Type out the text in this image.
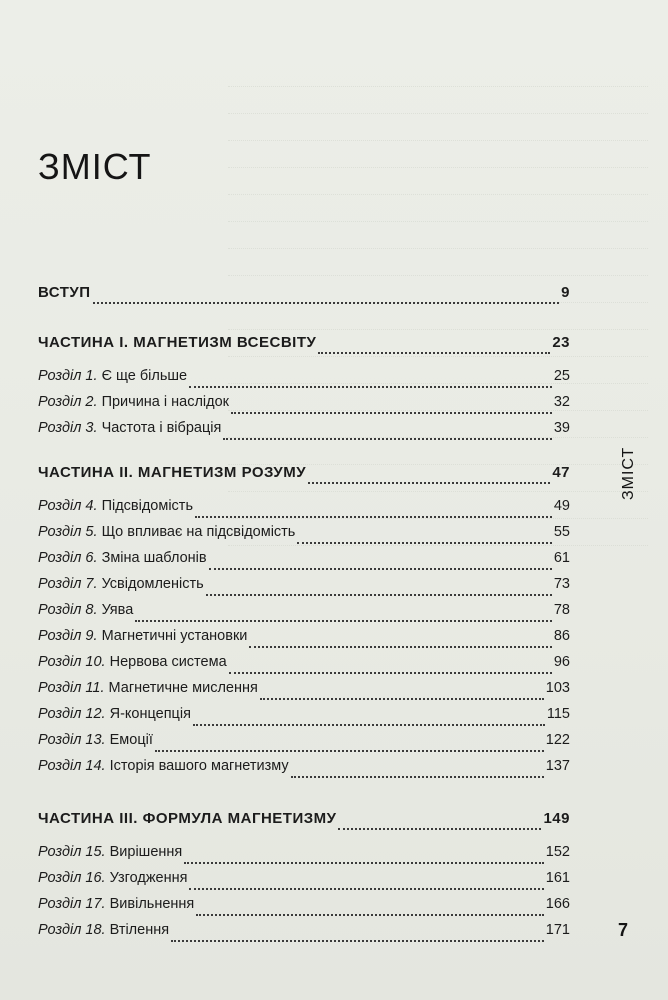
ЗМІСТ
ВСТУП	9
ЧАСТИНА І. МАГНЕТИЗМ ВСЕСВІТУ	23
Розділ 1. Є ще більше	25
Розділ 2. Причина і наслідок	32
Розділ 3. Частота і вібрація	39
ЧАСТИНА ІІ. МАГНЕТИЗМ РОЗУМУ	47
Розділ 4. Підсвідомість	49
Розділ 5. Що впливає на підсвідомість	55
Розділ 6. Зміна шаблонів	61
Розділ 7. Усвідомленість	73
Розділ 8. Уява	78
Розділ 9. Магнетичні установки	86
Розділ 10. Нервова система	96
Розділ 11. Магнетичне мислення	103
Розділ 12. Я-концепція	115
Розділ 13. Емоції	122
Розділ 14. Історія вашого магнетизму	137
ЧАСТИНА ІІІ. ФОРМУЛА МАГНЕТИЗМУ	149
Розділ 15. Вирішення	152
Розділ 16. Узгодження	161
Розділ 17. Вивільнення	166
Розділ 18. Втілення	171
ЗМІСТ
7
